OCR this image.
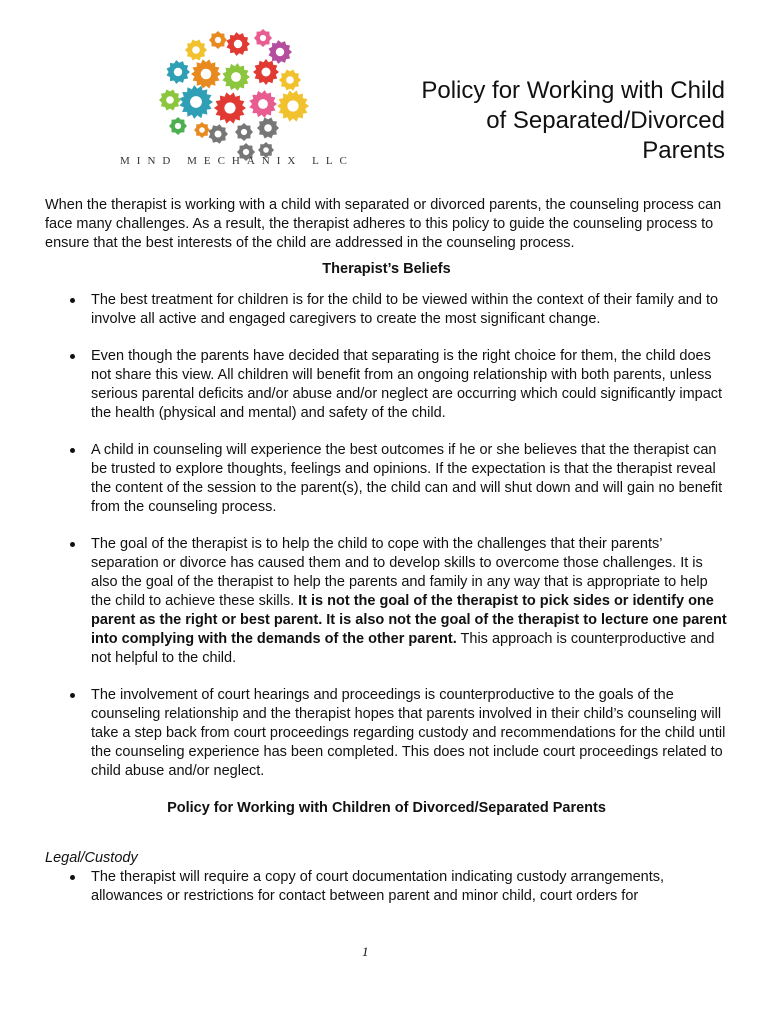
MIND MECHANIX LLC
Policy for Working with Child
of Separated/Divorced
Parents

When the therapist is working with a child with separated or divorced parents, the counseling process can face many challenges. As a result, the therapist adheres to this policy to guide the counseling process to ensure that the best interests of the child are addressed in the counseling process.

Therapist’s Beliefs

The best treatment for children is for the child to be viewed within the context of their family and to involve all active and engaged caregivers to create the most significant change.
Even though the parents have decided that separating is the right choice for them, the child does not share this view. All children will benefit from an ongoing relationship with both parents, unless serious parental deficits and/or abuse and/or neglect are occurring which could significantly impact the health (physical and mental) and safety of the child.
A child in counseling will experience the best outcomes if he or she believes that the therapist can be trusted to explore thoughts, feelings and opinions. If the expectation is that the therapist reveal the content of the session to the parent(s), the child can and will shut down and will gain no benefit from the counseling process.
The goal of the therapist is to help the child to cope with the challenges that their parents’ separation or divorce has caused them and to develop skills to overcome those challenges. It is also the goal of the therapist to help the parents and family in any way that is appropriate to help the child to achieve these skills. It is not the goal of the therapist to pick sides or identify one parent as the right or best parent. It is also not the goal of the therapist to lecture one parent into complying with the demands of the other parent. This approach is counterproductive and not helpful to the child.
The involvement of court hearings and proceedings is counterproductive to the goals of the counseling relationship and the therapist hopes that parents involved in their child’s counseling will take a step back from court proceedings regarding custody and recommendations for the child until the counseling experience has been completed. This does not include court proceedings related to child abuse and/or neglect.

Policy for Working with Children of Divorced/Separated Parents

Legal/Custody

The therapist will require a copy of court documentation indicating custody arrangements, allowances or restrictions for contact between parent and minor child, court orders for
1
